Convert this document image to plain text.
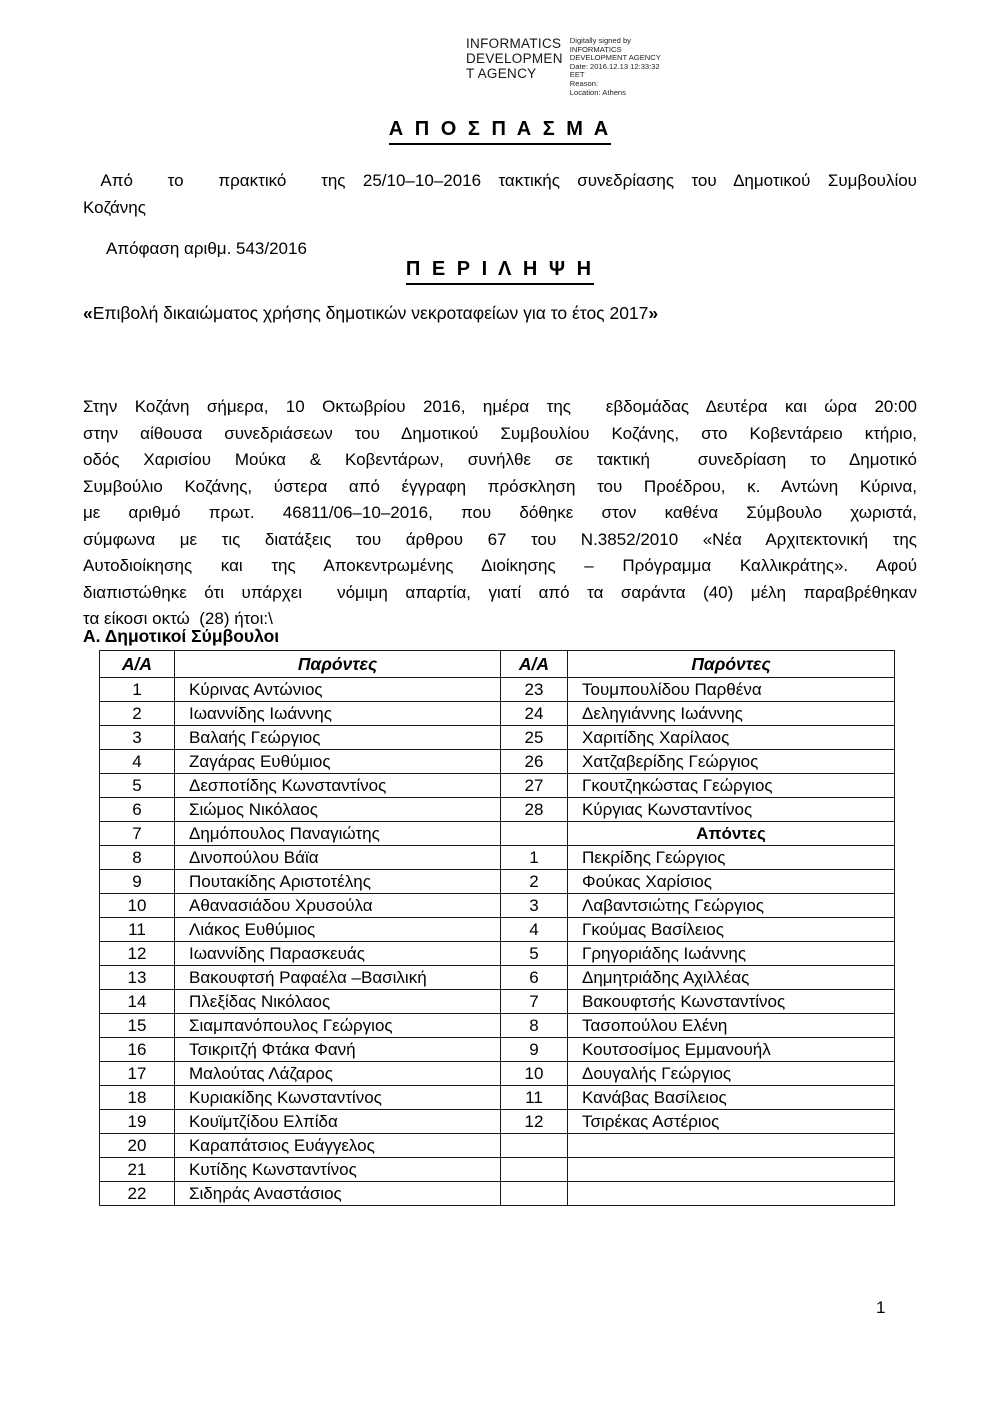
INFORMATICS
DEVELOPMEN
T AGENCY
Digitally signed by
INFORMATICS
DEVELOPMENT AGENCY
Date: 2016.12.13 12:33:32
EET
Reason:
Location: Athens
Α Π Ο Σ Π Α Σ Μ Α
Από  το  πρακτικό  της 25/10–10–2016 τακτικής συνεδρίασης του Δημοτικού Συμβουλίου
Κοζάνης
Απόφαση αριθμ. 543/2016
Π Ε Ρ Ι Λ Η Ψ Η
«Επιβολή δικαιώματος χρήσης δημοτικών νεκροταφείων για το έτος 2017»
Στην Κοζάνη σήμερα, 10 Οκτωβρίου 2016, ημέρα της  εβδομάδας Δευτέρα και ώρα 20:00
στην αίθουσα συνεδριάσεων του Δημοτικού Συμβουλίου Κοζάνης, στο Κοβεντάρειο κτήριο,
οδός Χαρισίου Μούκα & Κοβεντάρων, συνήλθε σε τακτική  συνεδρίαση το Δημοτικό
Συμβούλιο Κοζάνης, ύστερα από έγγραφη πρόσκληση του Προέδρου, κ. Αντώνη Κύρινα,
με αριθμό πρωτ. 46811/06–10–2016, που δόθηκε στον καθένα Σύμβουλο χωριστά,
σύμφωνα με τις διατάξεις του άρθρου 67 του Ν.3852/2010 «Νέα Αρχιτεκτονική της
Αυτοδιοίκησης και της Αποκεντρωμένης Διοίκησης – Πρόγραμμα Καλλικράτης». Αφού
διαπιστώθηκε ότι υπάρχει  νόμιμη απαρτία, γιατί από τα σαράντα (40) μέλη παραβρέθηκαν
τα είκοσι οκτώ  (28) ήτοι:\
Α. Δημοτικοί Σύμβουλοι
Α/Α	Παρόντες	Α/Α	Παρόντες
1	Κύρινας Αντώνιος	23	Τουμπουλίδου Παρθένα
2	Ιωαννίδης Ιωάννης	24	Δεληγιάννης Ιωάννης
3	Βαλαής Γεώργιος	25	Χαριτίδης Χαρίλαος
4	Ζαγάρας Ευθύμιος	26	Χατζαβερίδης Γεώργιος
5	Δεσποτίδης Κωνσταντίνος	27	Γκουτζηκώστας Γεώργιος
6	Σιώμος Νικόλαος	28	Κύργιας Κωνσταντίνος
7	Δημόπουλος Παναγιώτης		Απόντες
8	Δινοπούλου Βάϊα	1	Πεκρίδης Γεώργιος
9	Πουτακίδης Αριστοτέλης	2	Φούκας Χαρίσιος
10	Αθανασιάδου Χρυσούλα	3	Λαβαντσιώτης Γεώργιος
11	Λιάκος Ευθύμιος	4	Γκούμας Βασίλειος
12	Ιωαννίδης Παρασκευάς	5	Γρηγοριάδης Ιωάννης
13	Βακουφτσή Ραφαέλα –Βασιλική	6	Δημητριάδης Αχιλλέας
14	Πλεξίδας Νικόλαος	7	Βακουφτσής Κωνσταντίνος
15	Σιαμπανόπουλος Γεώργιος	8	Τασοπούλου Ελένη
16	Τσικριτζή Φτάκα Φανή	9	Κουτσοσίμος Εμμανουήλ
17	Μαλούτας Λάζαρος	10	Δουγαλής Γεώργιος
18	Κυριακίδης Κωνσταντίνος	11	Κανάβας Βασίλειος
19	Κουϊμτζίδου Ελπίδα	12	Τσιρέκας Αστέριος
20	Καραπάτσιος Ευάγγελος		
21	Κυτίδης Κωνσταντίνος		
22	Σιδηράς Αναστάσιος		
1
